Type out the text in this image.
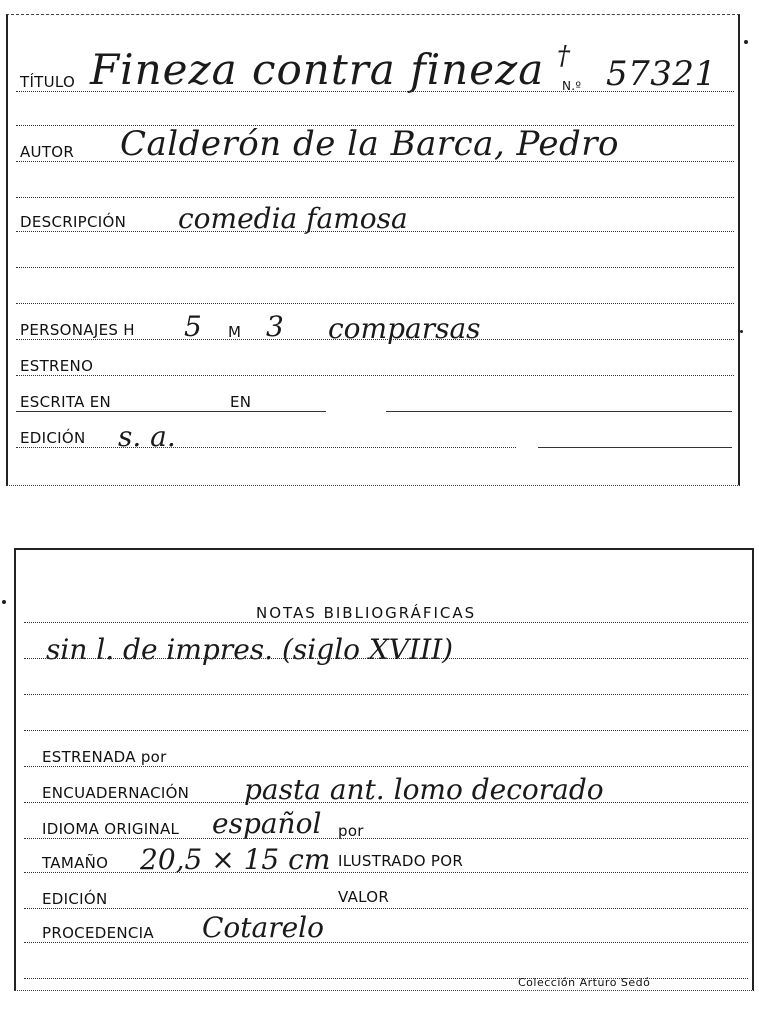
TÍTULO Fineza contra fineza †
N.º 57321
AUTOR Calderón de la Barca, Pedro
DESCRIPCIÓN comedia famosa
PERSONAJES H 5 M 3 comparsas
ESTRENO
ESCRITA EN	EN
EDICIÓN s. a.
NOTAS BIBLIOGRÁFICAS
sin l. de impres. (siglo XVIII)
ESTRENADA por
ENCUADERNACIÓN pasta ant. lomo decorado
IDIOMA ORIGINAL español por
TAMAÑO 20,5 × 15 cm ILUSTRADO POR
EDICIÓN	VALOR
PROCEDENCIA Cotarelo
Colección Arturo Sedó
